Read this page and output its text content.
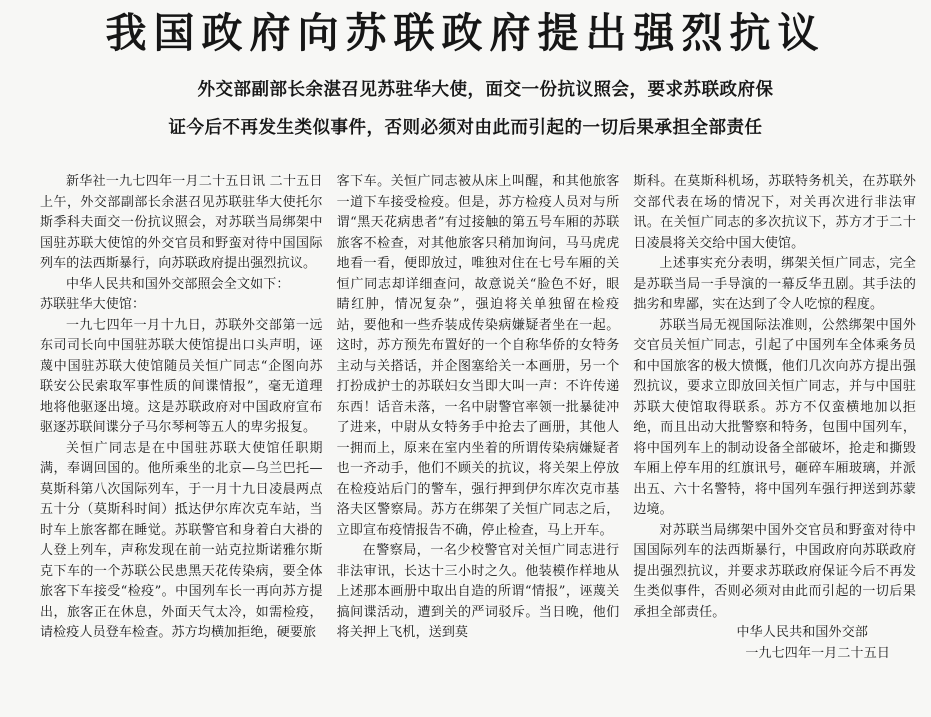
我国政府向苏联政府提出强烈抗议

外交部副部长余湛召见苏驻华大使，面交一份抗议照会，要求苏联政府保

证今后不再发生类似事件，否则必须对由此而引起的一切后果承担全部责任

新华社一九七四年一月二十五日讯 二十五日上午，外交部副部长余湛召见苏联驻华大使托尔斯季科夫面交一份抗议照会，对苏联当局绑架中国驻苏联大使馆的外交官员和野蛮对待中国国际列车的法西斯暴行，向苏联政府提出强烈抗议。

中华人民共和国外交部照会全文如下：

苏联驻华大使馆：

一九七四年一月十九日，苏联外交部第一远东司司长向中国驻苏联大使馆提出口头声明，诬蔑中国驻苏联大使馆随员关恒广同志“企图向苏联安公民索取军事性质的间谍情报”，毫无道理地将他驱逐出境。这是苏联政府对中国政府宣布驱逐苏联间谍分子马尔琴柯等五人的卑劣报复。

关恒广同志是在中国驻苏联大使馆任职期满，奉调回国的。他所乘坐的北京—乌兰巴托—莫斯科第八次国际列车，于一月十九日凌晨两点五十分（莫斯科时间）抵达伊尔库次克车站，当时车上旅客都在睡觉。苏联警官和身着白大褂的人登上列车，声称发现在前一站克拉斯诺雅尔斯克下车的一个苏联公民患黑天花传染病，要全体旅客下车接受“检疫”。中国列车长一再向苏方提出，旅客正在休息，外面天气太冷，如需检疫，请检疫人员登车检查。苏方均横加拒绝，硬要旅

客下车。关恒广同志被从床上叫醒，和其他旅客一道下车接受检疫。但是，苏方检疫人员对与所谓“黑天花病患者”有过接触的第五号车厢的苏联旅客不检查，对其他旅客只稍加询问，马马虎虎地看一看，便即放过，唯独对住在七号车厢的关恒广同志却详细查问，故意说关“脸色不好，眼睛红肿，情况复杂”，强迫将关单独留在检疫站，要他和一些乔装成传染病嫌疑者坐在一起。这时，苏方预先布置好的一个自称华侨的女特务主动与关搭话，并企图塞给关一本画册，另一个打扮成护士的苏联妇女当即大叫一声：不许传递东西！话音未落，一名中尉警官率领一批暴徒冲了进来，中尉从女特务手中抢去了画册，其他人一拥而上，原来在室内坐着的所谓传染病嫌疑者也一齐动手，他们不顾关的抗议，将关架上停放在检疫站后门的警车，强行押到伊尔库次克市基洛夫区警察局。苏方在绑架了关恒广同志之后，立即宣布疫情报告不确，停止检查，马上开车。

在警察局，一名少校警官对关恒广同志进行非法审讯，长达十三小时之久。他装模作样地从上述那本画册中取出自造的所谓“情报”，诬蔑关搞间谍活动，遭到关的严词驳斥。当日晚，他们将关押上飞机，送到莫

斯科。在莫斯科机场，苏联特务机关，在苏联外交部代表在场的情况下，对关再次进行非法审讯。在关恒广同志的多次抗议下，苏方才于二十日凌晨将关交给中国大使馆。

上述事实充分表明，绑架关恒广同志，完全是苏联当局一手导演的一幕反华丑剧。其手法的拙劣和卑鄙，实在达到了令人吃惊的程度。

苏联当局无视国际法准则，公然绑架中国外交官员关恒广同志，引起了中国列车全体乘务员和中国旅客的极大愤慨，他们几次向苏方提出强烈抗议，要求立即放回关恒广同志，并与中国驻苏联大使馆取得联系。苏方不仅蛮横地加以拒绝，而且出动大批警察和特务，包围中国列车，将中国列车上的制动设备全部破坏，抢走和撕毁车厢上停车用的红旗讯号，砸碎车厢玻璃，并派出五、六十名警特，将中国列车强行押送到苏蒙边境。

对苏联当局绑架中国外交官员和野蛮对待中国国际列车的法西斯暴行，中国政府向苏联政府提出强烈抗议，并要求苏联政府保证今后不再发生类似事件，否则必须对由此而引起的一切后果承担全部责任。

中华人民共和国外交部

一九七四年一月二十五日
